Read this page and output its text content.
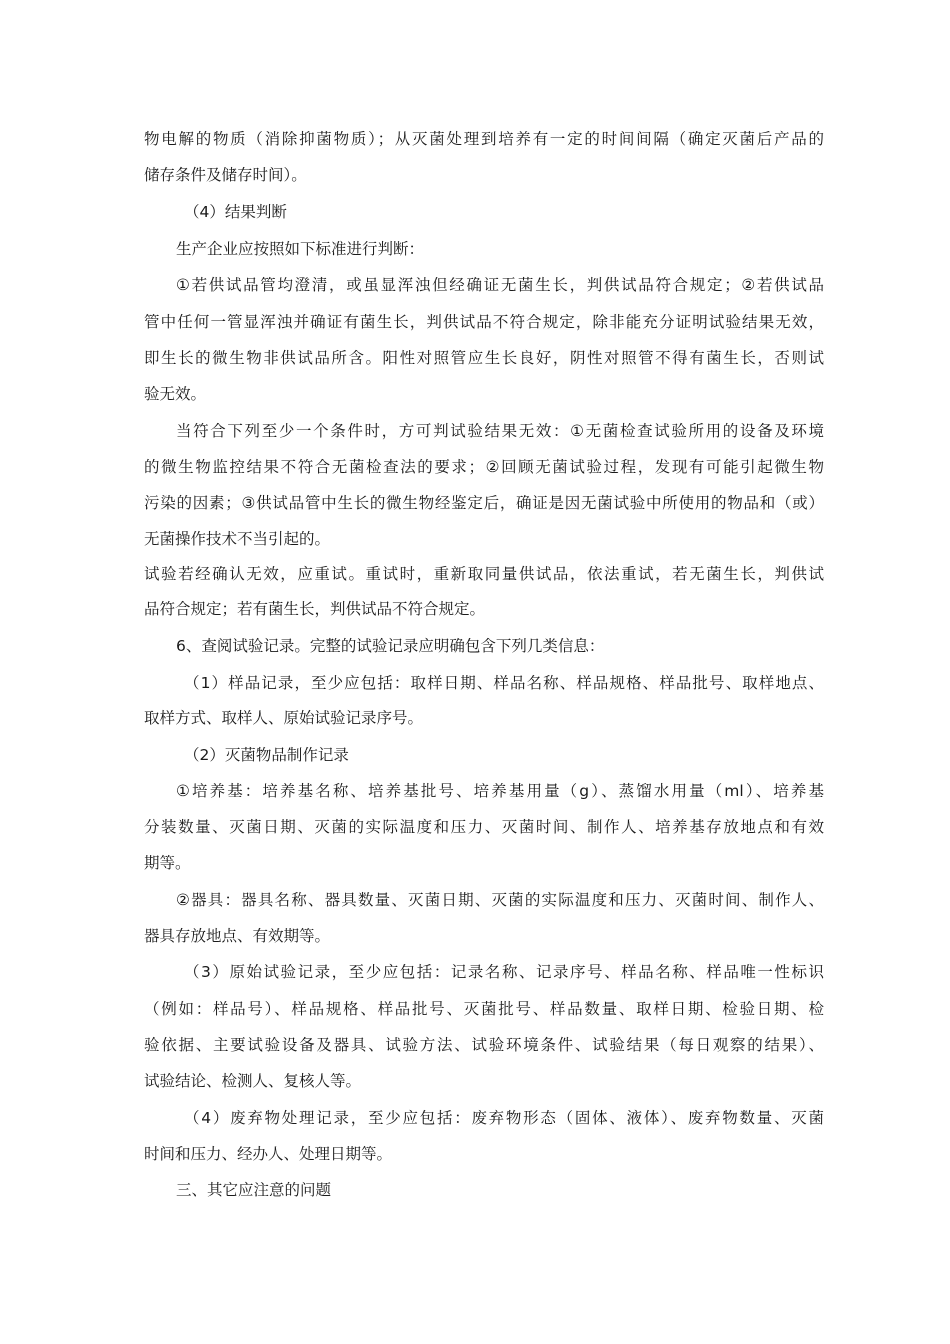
物电解的物质（消除抑菌物质）；从灭菌处理到培养有一定的时间间隔（确定灭菌后产品的
储存条件及储存时间）。
（4）结果判断
生产企业应按照如下标准进行判断：
①若供试品管均澄清，或虽显浑浊但经确证无菌生长，判供试品符合规定；②若供试品
管中任何一管显浑浊并确证有菌生长，判供试品不符合规定，除非能充分证明试验结果无效，
即生长的微生物非供试品所含。阳性对照管应生长良好，阴性对照管不得有菌生长，否则试
验无效。
当符合下列至少一个条件时，方可判试验结果无效：①无菌检查试验所用的设备及环境
的微生物监控结果不符合无菌检查法的要求；②回顾无菌试验过程，发现有可能引起微生物
污染的因素；③供试品管中生长的微生物经鉴定后，确证是因无菌试验中所使用的物品和（或）
无菌操作技术不当引起的。
试验若经确认无效，应重试。重试时，重新取同量供试品，依法重试，若无菌生长，判供试
品符合规定；若有菌生长，判供试品不符合规定。
6、查阅试验记录。完整的试验记录应明确包含下列几类信息：
（1）样品记录，至少应包括：取样日期、样品名称、样品规格、样品批号、取样地点、
取样方式、取样人、原始试验记录序号。
（2）灭菌物品制作记录
①培养基：培养基名称、培养基批号、培养基用量（g）、蒸馏水用量（ml）、培养基
分装数量、灭菌日期、灭菌的实际温度和压力、灭菌时间、制作人、培养基存放地点和有效
期等。
②器具：器具名称、器具数量、灭菌日期、灭菌的实际温度和压力、灭菌时间、制作人、
器具存放地点、有效期等。
（3）原始试验记录，至少应包括：记录名称、记录序号、样品名称、样品唯一性标识
（例如：样品号）、样品规格、样品批号、灭菌批号、样品数量、取样日期、检验日期、检
验依据、主要试验设备及器具、试验方法、试验环境条件、试验结果（每日观察的结果）、
试验结论、检测人、复核人等。
（4）废弃物处理记录，至少应包括：废弃物形态（固体、液体）、废弃物数量、灭菌
时间和压力、经办人、处理日期等。
三、其它应注意的问题
